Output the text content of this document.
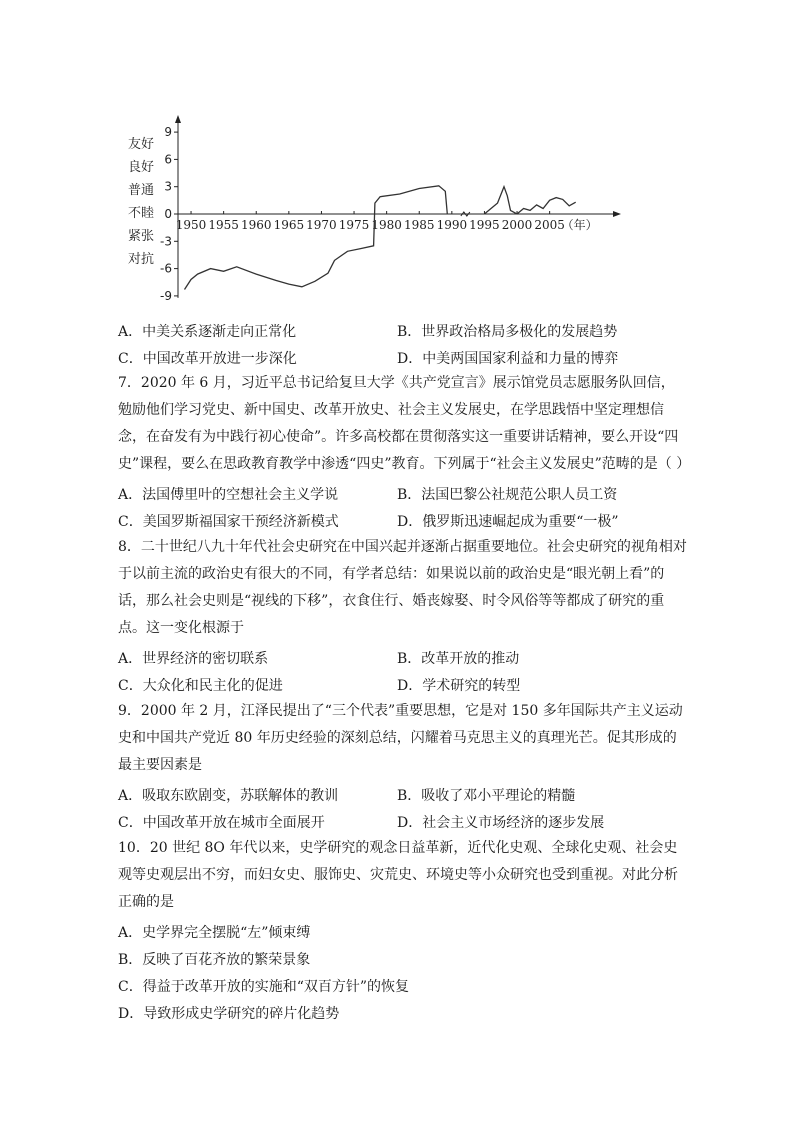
友好
良好
普通
不睦
紧张
对抗
9
6
3
0
-3
-6
-9
1950 1955 1960 1965 1970 1975 1980 1985 1990 1995 2000 2005
（年）
A．中美关系逐渐走向正常化	B．世界政治格局多极化的发展趋势
C．中国改革开放进一步深化	D．中美两国国家利益和力量的博弈
7．2020 年 6 月，习近平总书记给复旦大学《共产党宣言》展示馆党员志愿服务队回信，勉励他们学习党史、新中国史、改革开放史、社会主义发展史，在学思践悟中坚定理想信念，在奋发有为中践行初心使命”。许多高校都在贯彻落实这一重要讲话精神，要么开设“四史”课程，要么在思政教育教学中渗透“四史”教育。下列属于“社会主义发展史”范畴的是（ ）
A．法国傅里叶的空想社会主义学说	B．法国巴黎公社规范公职人员工资
C．美国罗斯福国家干预经济新模式	D．俄罗斯迅速崛起成为重要“一极”
8．二十世纪八九十年代社会史研究在中国兴起并逐渐占据重要地位。社会史研究的视角相对于以前主流的政治史有很大的不同，有学者总结：如果说以前的政治史是“眼光朝上看”的话，那么社会史则是“视线的下移”，衣食住行、婚丧嫁娶、时令风俗等等都成了研究的重点。这一变化根源于
A．世界经济的密切联系	B．改革开放的推动
C．大众化和民主化的促进	D．学术研究的转型
9．2000 年 2 月，江泽民提出了“三个代表”重要思想，它是对 150 多年国际共产主义运动史和中国共产党近 80 年历史经验的深刻总结，闪耀着马克思主义的真理光芒。促其形成的最主要因素是
A．吸取东欧剧变，苏联解体的教训	B．吸收了邓小平理论的精髓
C．中国改革开放在城市全面展开	D．社会主义市场经济的逐步发展
10．20 世纪 8O 年代以来，史学研究的观念日益革新，近代化史观、全球化史观、社会史观等史观层出不穷，而妇女史、服饰史、灾荒史、环境史等小众研究也受到重视。对此分析正确的是
A．史学界完全摆脱“左”倾束缚
B．反映了百花齐放的繁荣景象
C．得益于改革开放的实施和“双百方针”的恢复
D．导致形成史学研究的碎片化趋势
